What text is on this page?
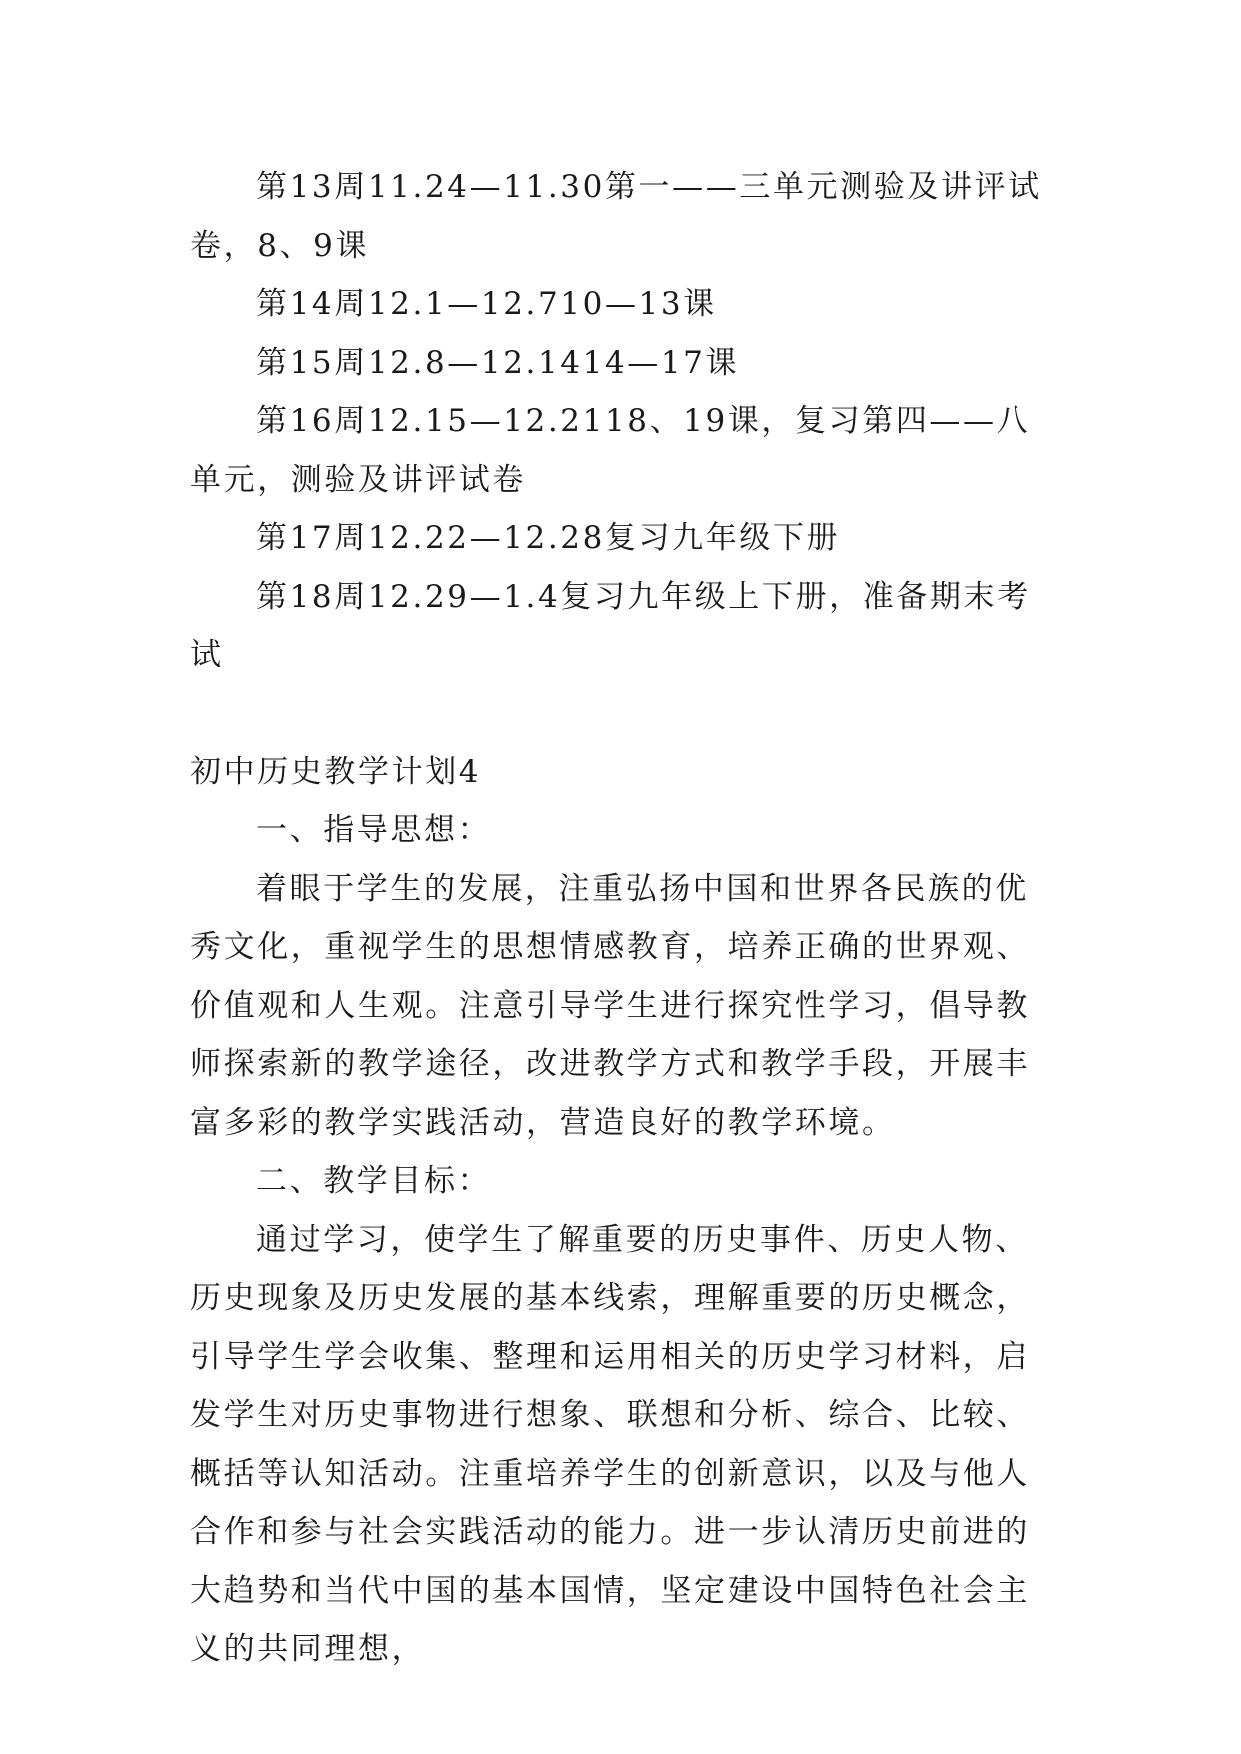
第13周11.24—11.30第一——三单元测验及讲评试卷，8、9课

第14周12.1—12.710—13课

第15周12.8—12.1414—17课

第16周12.15—12.2118、19课，复习第四——八单元，测验及讲评试卷

第17周12.22—12.28复习九年级下册

第18周12.29—1.4复习九年级上下册，准备期末考试

初中历史教学计划4

一、指导思想：

着眼于学生的发展，注重弘扬中国和世界各民族的优秀文化，重视学生的思想情感教育，培养正确的世界观、价值观和人生观。注意引导学生进行探究性学习，倡导教师探索新的教学途径，改进教学方式和教学手段，开展丰富多彩的教学实践活动，营造良好的教学环境。

二、教学目标：

通过学习，使学生了解重要的历史事件、历史人物、历史现象及历史发展的基本线索，理解重要的历史概念，引导学生学会收集、整理和运用相关的历史学习材料，启发学生对历史事物进行想象、联想和分析、综合、比较、概括等认知活动。注重培养学生的创新意识，以及与他人合作和参与社会实践活动的能力。进一步认清历史前进的大趋势和当代中国的基本国情，坚定建设中国特色社会主义的共同理想，
